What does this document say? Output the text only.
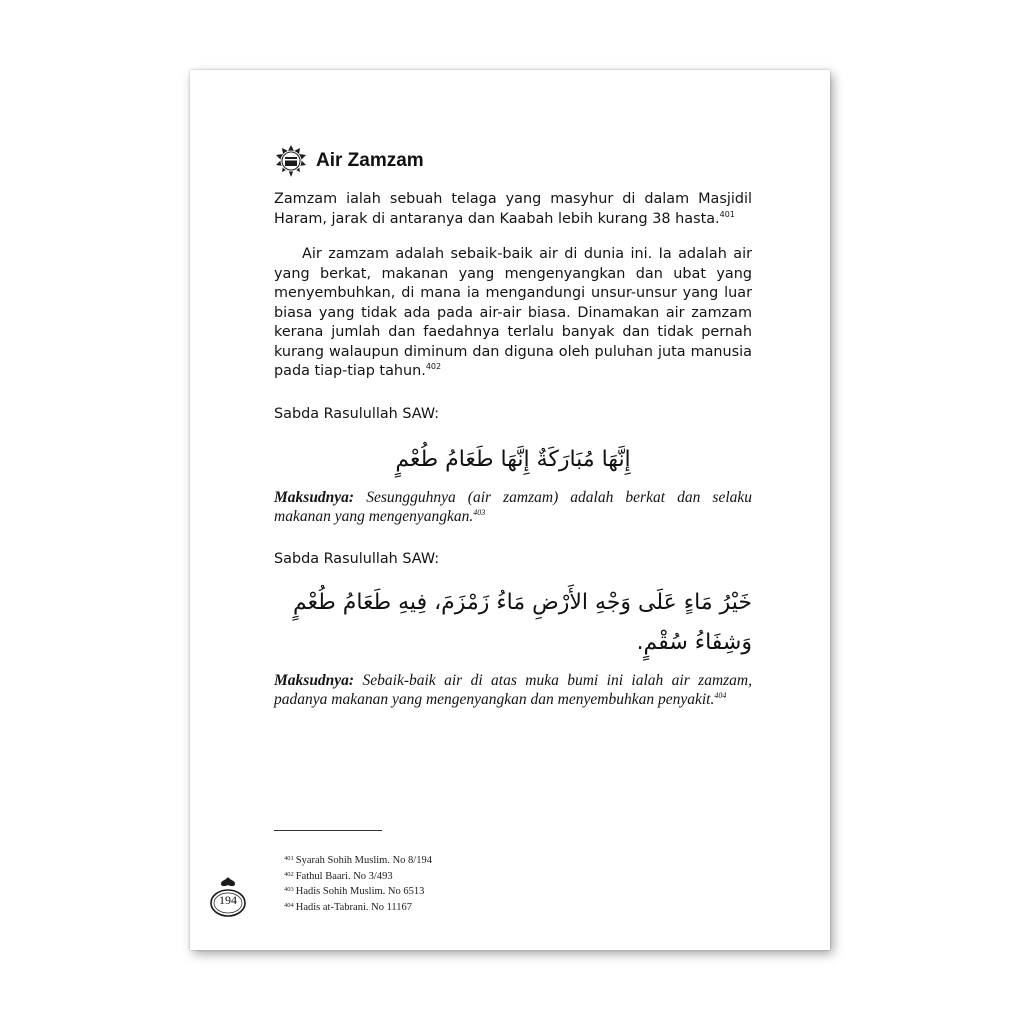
Air Zamzam

Zamzam ialah sebuah telaga yang masyhur di dalam Masjidil Haram, jarak di antaranya dan Kaabah lebih kurang 38 hasta.$^{401}$

Air zamzam adalah sebaik-baik air di dunia ini. Ia adalah air yang berkat, makanan yang mengenyangkan dan ubat yang menyembuhkan, di mana ia mengandungi unsur-unsur yang luar biasa yang tidak ada pada air-air biasa. Dinamakan air zamzam kerana jumlah dan faedahnya terlalu banyak dan tidak pernah kurang walaupun diminum dan diguna oleh puluhan juta manusia pada tiap-tiap tahun.$^{402}$

Sabda Rasulullah SAW:
إِنَّهَا مُبَارَكَةٌ إِنَّهَا طَعَامُ طُعْمٍ

Maksudnya: Sesungguhnya (air zamzam) adalah berkat dan selaku makanan yang mengenyangkan.$^{403}$

Sabda Rasulullah SAW:
خَيْرُ مَاءٍ عَلَى وَجْهِ الأَرْضِ مَاءُ زَمْزَمَ، فِيهِ طَعَامُ طُعْمٍ
وَشِفَاءُ سُقْمٍ.

Maksudnya: Sebaik-baik air di atas muka bumi ini ialah air zamzam, padanya makanan yang mengenyangkan dan menyembuhkan penyakit.$^{404}$

$^{401}$ Syarah Sohih Muslim. No 8/194
$^{402}$ Fathul Baari. No 3/493
$^{403}$ Hadis Sohih Muslim. No 6513
$^{404}$ Hadis at-Tabrani. No 11167
194
